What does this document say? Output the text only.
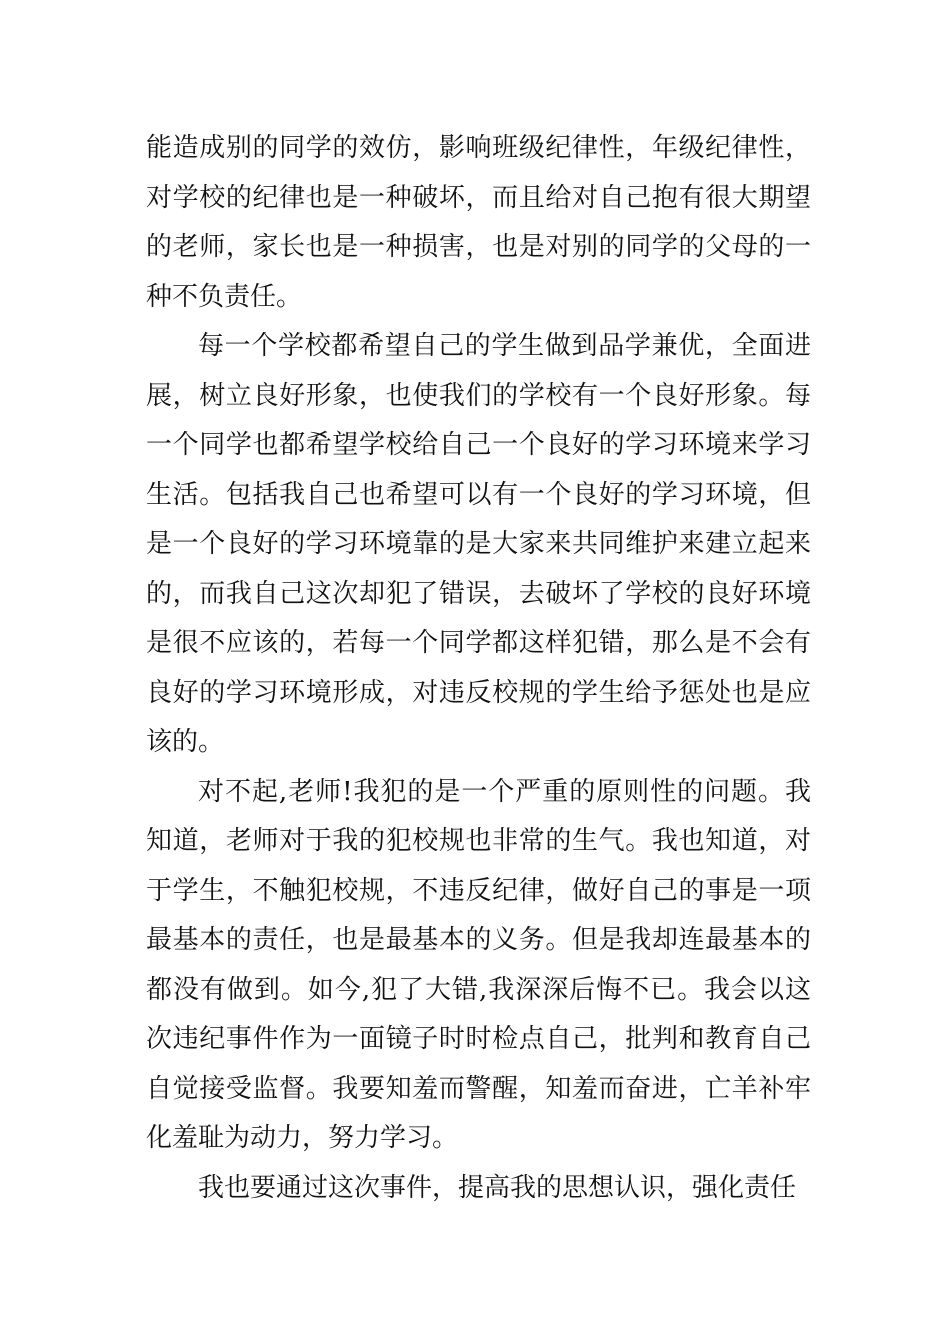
能造成别的同学的效仿，影响班级纪律性，年级纪律性，对学校的纪律也是一种破坏，而且给对自己抱有很大期望的老师，家长也是一种损害，也是对别的同学的父母的一种不负责任。

每一个学校都希望自己的学生做到品学兼优，全面进展，树立良好形象，也使我们的学校有一个良好形象。每一个同学也都希望学校给自己一个良好的学习环境来学习生活。包括我自己也希望可以有一个良好的学习环境，但是一个良好的学习环境靠的是大家来共同维护来建立起来的，而我自己这次却犯了错误，去破坏了学校的良好环境是很不应该的，若每一个同学都这样犯错，那么是不会有良好的学习环境形成，对违反校规的学生给予惩处也是应该的。

对不起,老师!我犯的是一个严重的原则性的问题。我知道，老师对于我的犯校规也非常的生气。我也知道，对于学生，不触犯校规，不违反纪律，做好自己的事是一项最基本的责任，也是最基本的义务。但是我却连最基本的都没有做到。如今,犯了大错,我深深后悔不已。我会以这次违纪事件作为一面镜子时时检点自己，批判和教育自己自觉接受监督。我要知羞而警醒，知羞而奋进，亡羊补牢化羞耻为动力，努力学习。

我也要通过这次事件，提高我的思想认识，强化责任
